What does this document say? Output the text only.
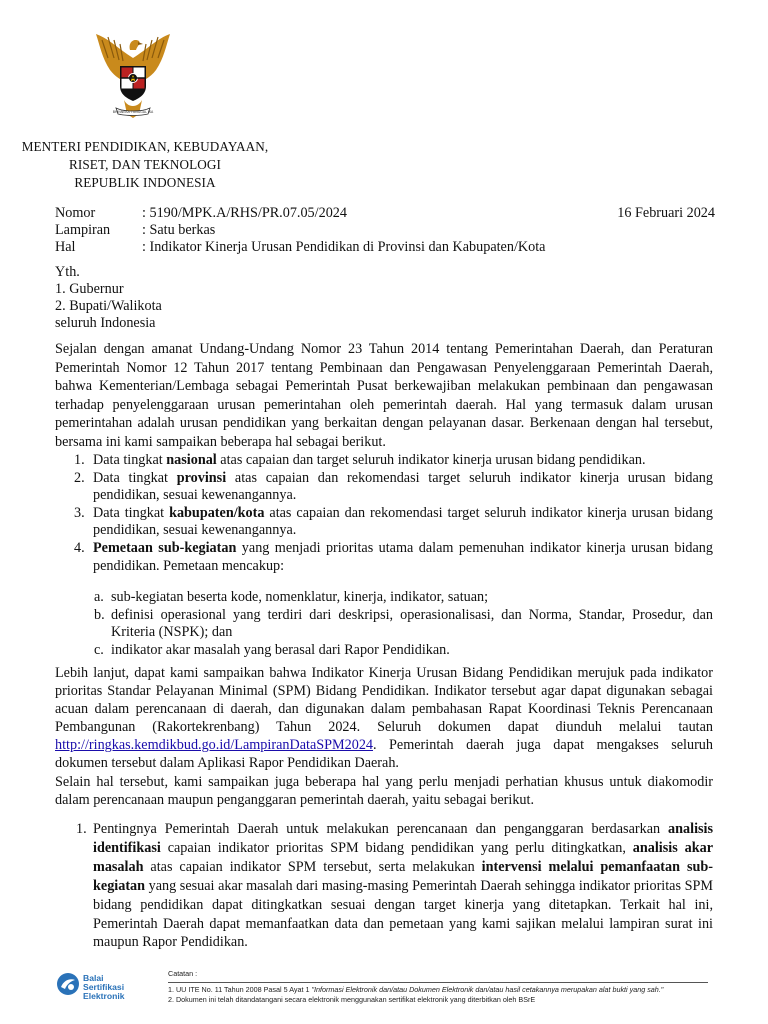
BHINNEKA TUNGGAL IKA
MENTERI PENDIDIKAN, KEBUDAYAAN,
RISET, DAN TEKNOLOGI
REPUBLIK INDONESIA
Nomor	: 5190/MPK.A/RHS/PR.07.05/2024	16 Februari 2024
Lampiran : Satu berkas
Hal	: Indikator Kinerja Urusan Pendidikan di Provinsi dan Kabupaten/Kota
Yth.
1. Gubernur
2. Bupati/Walikota
seluruh Indonesia
Sejalan dengan amanat Undang-Undang Nomor 23 Tahun 2014 tentang Pemerintahan Daerah, dan Peraturan Pemerintah Nomor 12 Tahun 2017 tentang Pembinaan dan Pengawasan Penyelenggaraan Pemerintah Daerah, bahwa Kementerian/Lembaga sebagai Pemerintah Pusat berkewajiban melakukan pembinaan dan pengawasan terhadap penyelenggaraan urusan pemerintahan oleh pemerintah daerah. Hal yang termasuk dalam urusan pemerintahan adalah urusan pendidikan yang berkaitan dengan pelayanan dasar. Berkenaan dengan hal tersebut, bersama ini kami sampaikan beberapa hal sebagai berikut.
1. Data tingkat nasional atas capaian dan target seluruh indikator kinerja urusan bidang pendidikan.
2. Data tingkat provinsi atas capaian dan rekomendasi target seluruh indikator kinerja urusan bidang pendidikan, sesuai kewenangannya.
3. Data tingkat kabupaten/kota atas capaian dan rekomendasi target seluruh indikator kinerja urusan bidang pendidikan, sesuai kewenangannya.
4. Pemetaan sub-kegiatan yang menjadi prioritas utama dalam pemenuhan indikator kinerja urusan bidang pendidikan. Pemetaan mencakup:
a. sub-kegiatan beserta kode, nomenklatur, kinerja, indikator, satuan;
b. definisi operasional yang terdiri dari deskripsi, operasionalisasi, dan Norma, Standar, Prosedur, dan Kriteria (NSPK); dan
c. indikator akar masalah yang berasal dari Rapor Pendidikan.
Lebih lanjut, dapat kami sampaikan bahwa Indikator Kinerja Urusan Bidang Pendidikan merujuk pada indikator prioritas Standar Pelayanan Minimal (SPM) Bidang Pendidikan. Indikator tersebut agar dapat digunakan sebagai acuan dalam perencanaan di daerah, dan digunakan dalam pembahasan Rapat Koordinasi Teknis Perencanaan Pembangunan (Rakortekrenbang) Tahun 2024. Seluruh dokumen dapat diunduh melalui tautan http://ringkas.kemdikbud.go.id/LampiranDataSPM2024. Pemerintah daerah juga dapat mengakses seluruh dokumen tersebut dalam Aplikasi Rapor Pendidikan Daerah.
Selain hal tersebut, kami sampaikan juga beberapa hal yang perlu menjadi perhatian khusus untuk diakomodir dalam perencanaan maupun penganggaran pemerintah daerah, yaitu sebagai berikut.
1. Pentingnya Pemerintah Daerah untuk melakukan perencanaan dan penganggaran berdasarkan analisis identifikasi capaian indikator prioritas SPM bidang pendidikan yang perlu ditingkatkan, analisis akar masalah atas capaian indikator SPM tersebut, serta melakukan intervensi melalui pemanfaatan sub-kegiatan yang sesuai akar masalah dari masing-masing Pemerintah Daerah sehingga indikator prioritas SPM bidang pendidikan dapat ditingkatkan sesuai dengan target kinerja yang ditetapkan. Terkait hal ini, Pemerintah Daerah dapat memanfaatkan data dan pemetaan yang kami sajikan melalui lampiran surat ini maupun Rapor Pendidikan.
Balai
Sertifikasi
Elektronik
Catatan :
1. UU ITE No. 11 Tahun 2008 Pasal 5 Ayat 1 "Informasi Elektronik dan/atau Dokumen Elektronik dan/atau hasil cetakannya merupakan alat bukti yang sah."
2. Dokumen ini telah ditandatangani secara elektronik menggunakan sertifikat elektronik yang diterbitkan oleh BSrE
